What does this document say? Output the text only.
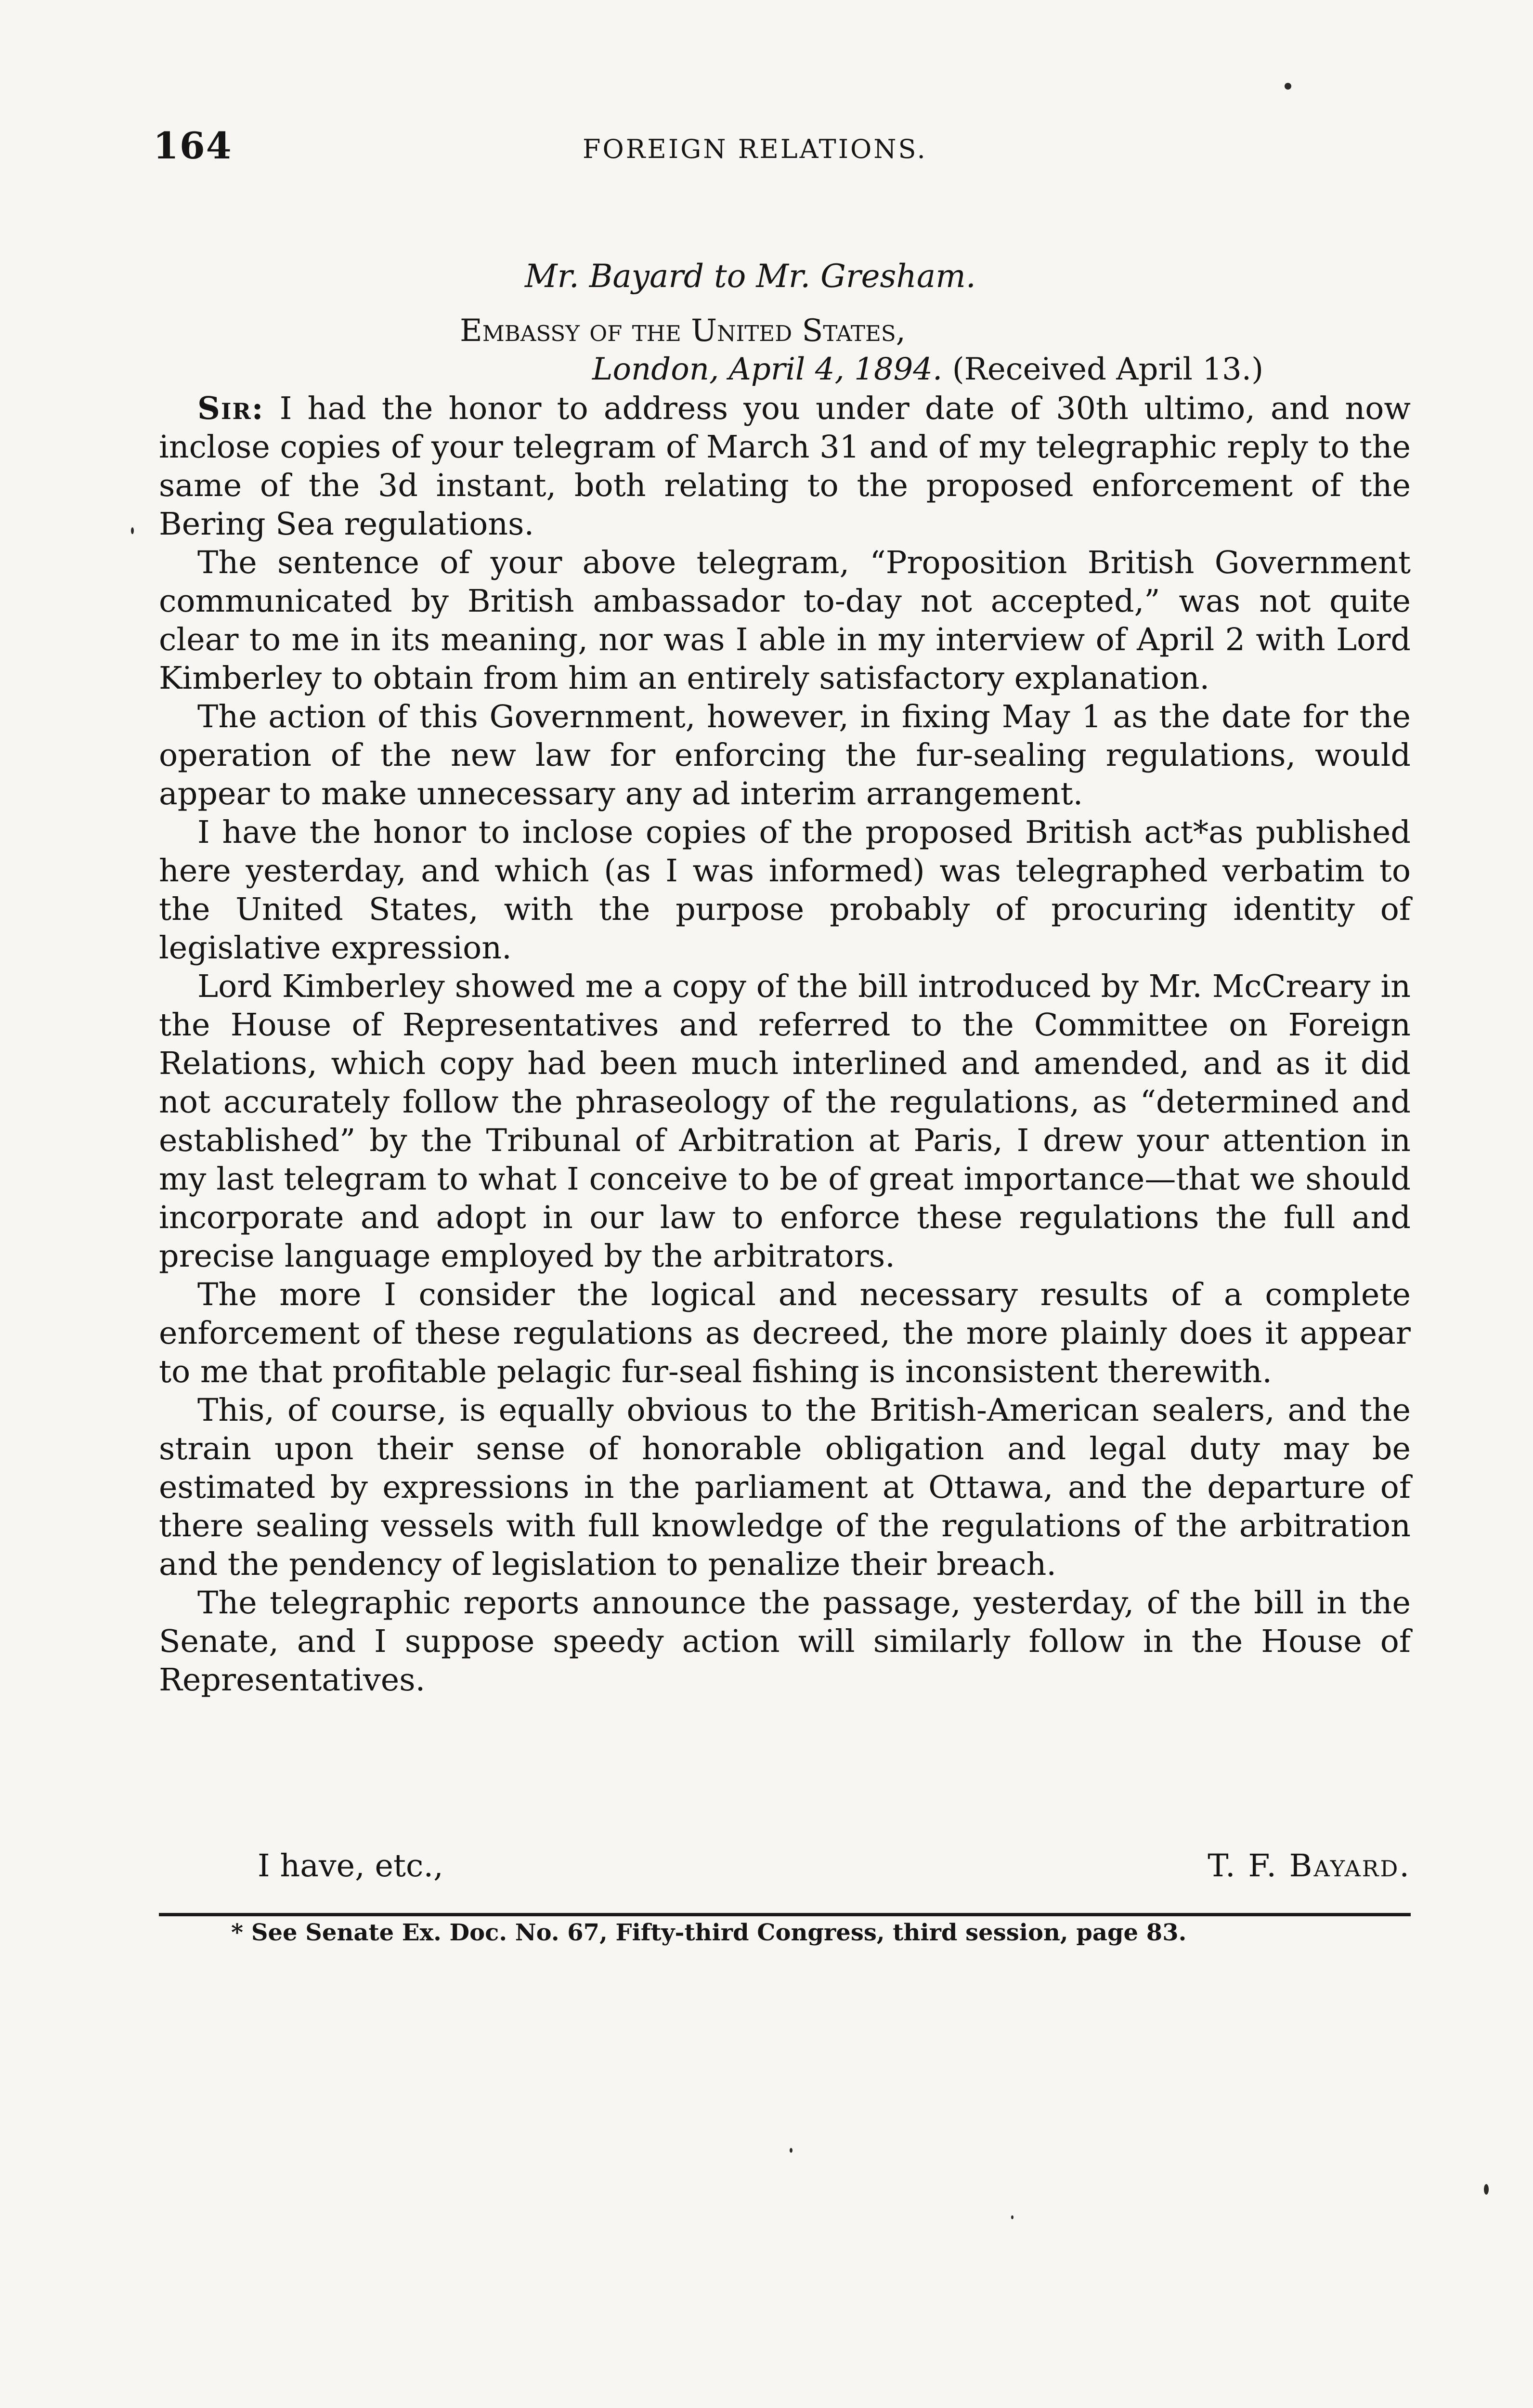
164	FOREIGN RELATIONS.
Mr. Bayard to Mr. Gresham.
Embassy of the United States,
London, April 4, 1894. (Received April 13.)

Sir: I had the honor to address you under date of 30th ultimo, and now inclose copies of your telegram of March 31 and of my telegraphic reply to the same of the 3d instant, both relating to the proposed enforcement of the Bering Sea regulations.

The sentence of your above telegram, “Proposition British Government communicated by British ambassador to-day not accepted,” was not quite clear to me in its meaning, nor was I able in my interview of April 2 with Lord Kimberley to obtain from him an entirely satisfactory explanation.

The action of this Government, however, in fixing May 1 as the date for the operation of the new law for enforcing the fur-sealing regulations, would appear to make unnecessary any ad interim arrangement.

I have the honor to inclose copies of the proposed British act*as published here yesterday, and which (as I was informed) was telegraphed verbatim to the United States, with the purpose probably of procuring identity of legislative expression.

Lord Kimberley showed me a copy of the bill introduced by Mr. McCreary in the House of Representatives and referred to the Committee on Foreign Relations, which copy had been much interlined and amended, and as it did not accurately follow the phraseology of the regulations, as “determined and established” by the Tribunal of Arbitration at Paris, I drew your attention in my last telegram to what I conceive to be of great importance—that we should incorporate and adopt in our law to enforce these regulations the full and precise language employed by the arbitrators.

The more I consider the logical and necessary results of a complete enforcement of these regulations as decreed, the more plainly does it appear to me that profitable pelagic fur-seal fishing is inconsistent therewith.

This, of course, is equally obvious to the British-American sealers, and the strain upon their sense of honorable obligation and legal duty may be estimated by expressions in the parliament at Ottawa, and the departure of there sealing vessels with full knowledge of the regulations of the arbitration and the pendency of legislation to penalize their breach.

The telegraphic reports announce the passage, yesterday, of the bill in the Senate, and I suppose speedy action will similarly follow in the House of Representatives.

I have, etc.,	T. F. Bayard.
* See Senate Ex. Doc. No. 67, Fifty-third Congress, third session, page 83.
